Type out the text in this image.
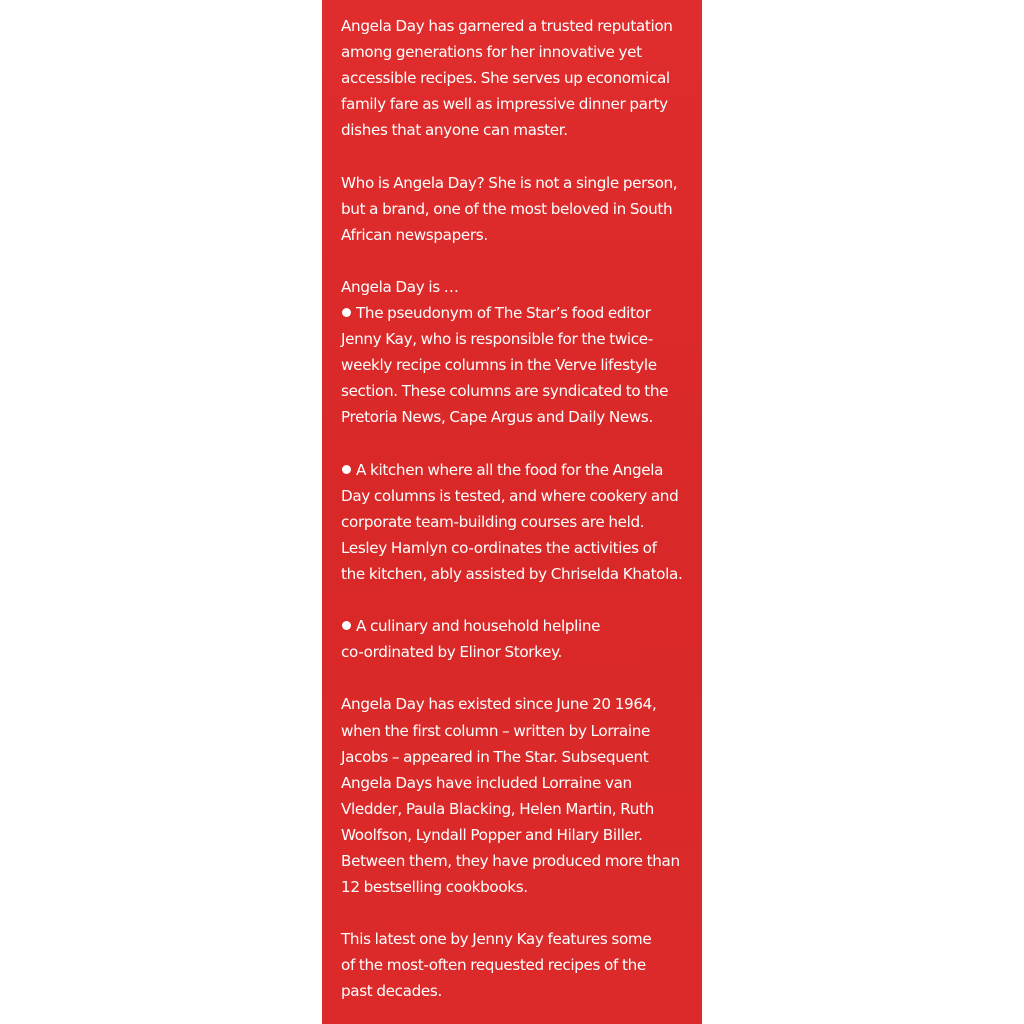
Angela Day has garnered a trusted reputation
among generations for her innovative yet
accessible recipes. She serves up economical
family fare as well as impressive dinner party
dishes that anyone can master.

Who is Angela Day? She is not a single person,
but a brand, one of the most beloved in South
African newspapers.

Angela Day is …
The pseudonym of The Star’s food editor
Jenny Kay, who is responsible for the twice-
weekly recipe columns in the Verve lifestyle
section. These columns are syndicated to the
Pretoria News, Cape Argus and Daily News.

A kitchen where all the food for the Angela
Day columns is tested, and where cookery and
corporate team-building courses are held.
Lesley Hamlyn co-ordinates the activities of
the kitchen, ably assisted by Chriselda Khatola.

A culinary and household helpline
co-ordinated by Elinor Storkey.

Angela Day has existed since June 20 1964,
when the first column – written by Lorraine
Jacobs – appeared in The Star. Subsequent
Angela Days have included Lorraine van
Vledder, Paula Blacking, Helen Martin, Ruth
Woolfson, Lyndall Popper and Hilary Biller.
Between them, they have produced more than
12 bestselling cookbooks.

This latest one by Jenny Kay features some
of the most-often requested recipes of the
past decades.
